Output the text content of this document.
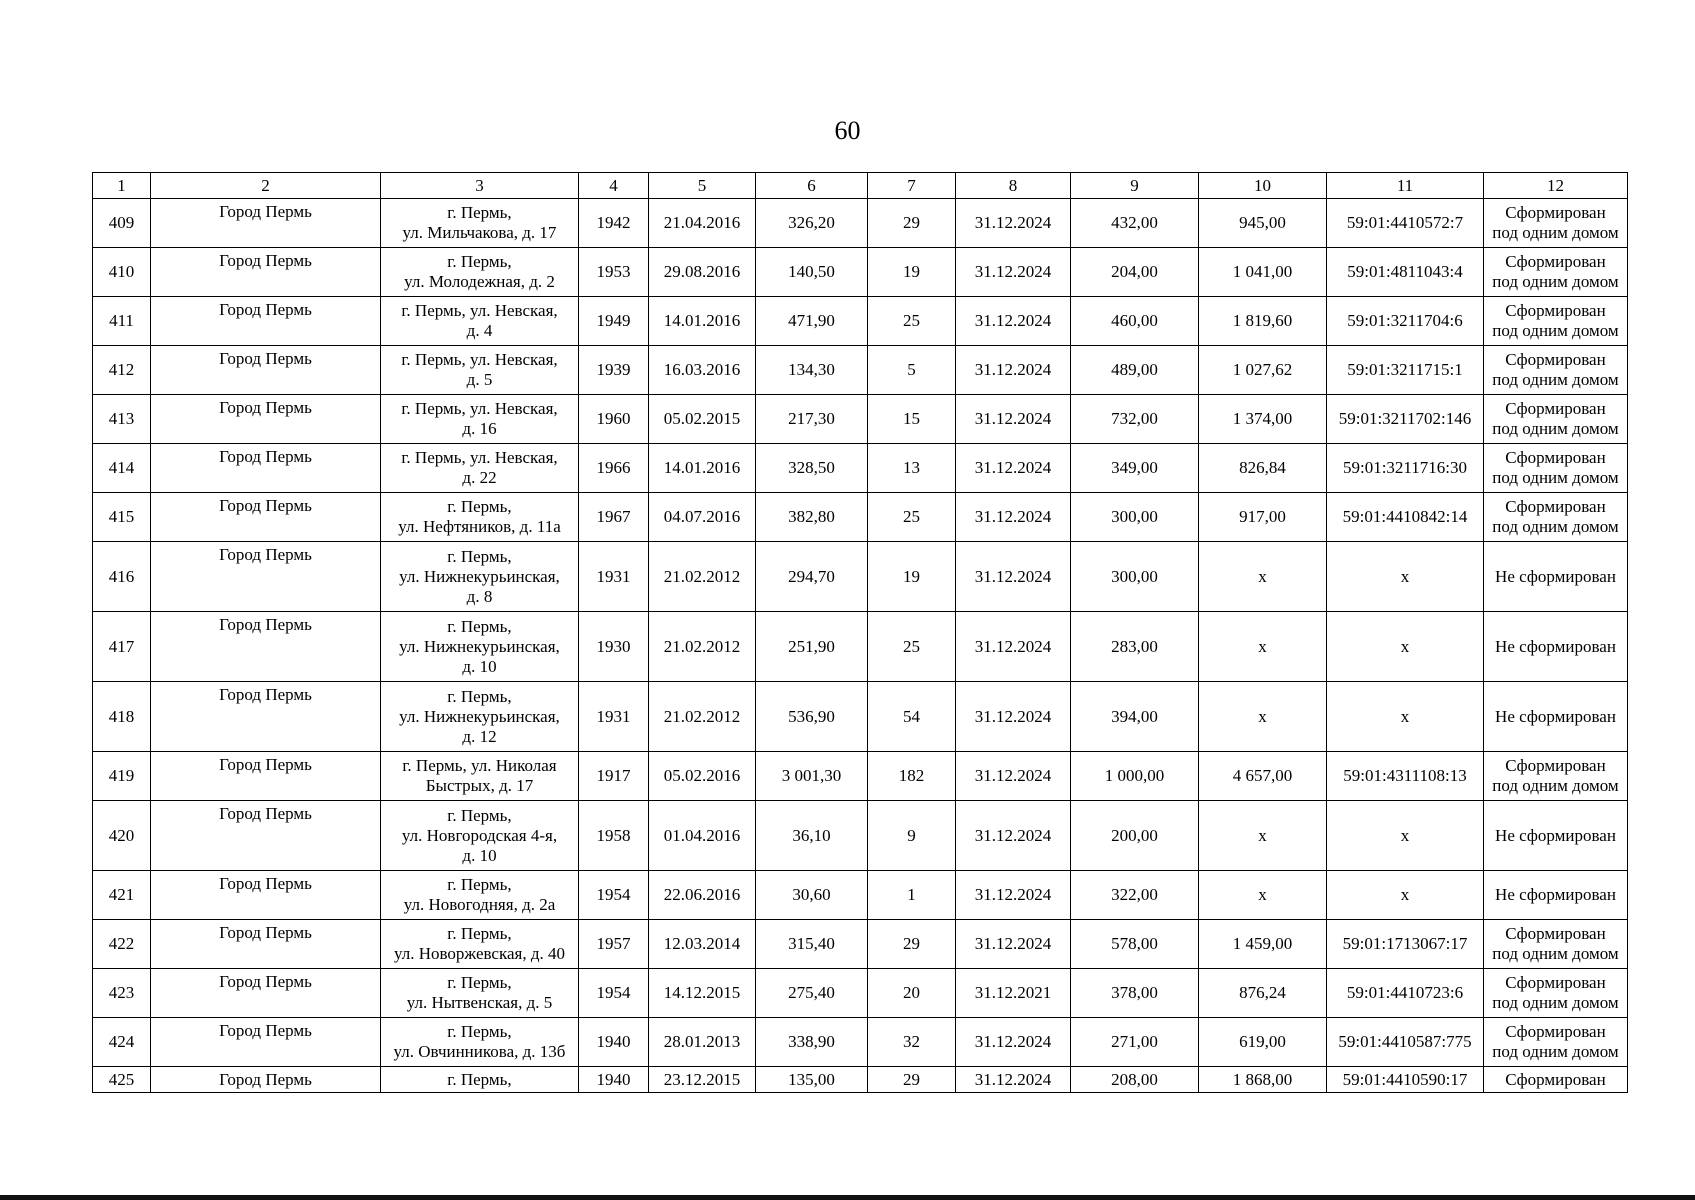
60
1	2	3	4	5	6	7	8	9	10	11	12
409	Город Пермь	г. Пермь,
ул. Мильчакова, д. 17	1942	21.04.2016	326,20	29	31.12.2024	432,00	945,00	59:01:4410572:7	Сформирован
под одним домом

410	Город Пермь	г. Пермь,
ул. Молодежная, д. 2	1953	29.08.2016	140,50	19	31.12.2024	204,00	1 041,00	59:01:4811043:4	Сформирован
под одним домом

411	Город Пермь	г. Пермь, ул. Невская,
д. 4	1949	14.01.2016	471,90	25	31.12.2024	460,00	1 819,60	59:01:3211704:6	Сформирован
под одним домом

412	Город Пермь	г. Пермь, ул. Невская,
д. 5	1939	16.03.2016	134,30	5	31.12.2024	489,00	1 027,62	59:01:3211715:1	Сформирован
под одним домом

413	Город Пермь	г. Пермь, ул. Невская,
д. 16	1960	05.02.2015	217,30	15	31.12.2024	732,00	1 374,00	59:01:3211702:146	Сформирован
под одним домом

414	Город Пермь	г. Пермь, ул. Невская,
д. 22	1966	14.01.2016	328,50	13	31.12.2024	349,00	826,84	59:01:3211716:30	Сформирован
под одним домом

415	Город Пермь	г. Пермь,
ул. Нефтяников, д. 11а	1967	04.07.2016	382,80	25	31.12.2024	300,00	917,00	59:01:4410842:14	Сформирован
под одним домом

416	Город Пермь	г. Пермь,
ул. Нижнекурьинская,
д. 8	1931	21.02.2012	294,70	19	31.12.2024	300,00	х	х	Не сформирован

417	Город Пермь	г. Пермь,
ул. Нижнекурьинская,
д. 10	1930	21.02.2012	251,90	25	31.12.2024	283,00	х	х	Не сформирован

418	Город Пермь	г. Пермь,
ул. Нижнекурьинская,
д. 12	1931	21.02.2012	536,90	54	31.12.2024	394,00	х	х	Не сформирован

419	Город Пермь	г. Пермь, ул. Николая
Быстрых, д. 17	1917	05.02.2016	3 001,30	182	31.12.2024	1 000,00	4 657,00	59:01:4311108:13	Сформирован
под одним домом

420	Город Пермь	г. Пермь,
ул. Новгородская 4-я,
д. 10	1958	01.04.2016	36,10	9	31.12.2024	200,00	х	х	Не сформирован

421	Город Пермь	г. Пермь,
ул. Новогодняя, д. 2а	1954	22.06.2016	30,60	1	31.12.2024	322,00	х	х	Не сформирован

422	Город Пермь	г. Пермь,
ул. Новоржевская, д. 40	1957	12.03.2014	315,40	29	31.12.2024	578,00	1 459,00	59:01:1713067:17	Сформирован
под одним домом

423	Город Пермь	г. Пермь,
ул. Нытвенская, д. 5	1954	14.12.2015	275,40	20	31.12.2021	378,00	876,24	59:01:4410723:6	Сформирован
под одним домом

424	Город Пермь	г. Пермь,
ул. Овчинникова, д. 13б	1940	28.01.2013	338,90	32	31.12.2024	271,00	619,00	59:01:4410587:775	Сформирован
под одним домом

425	Город Пермь	г. Пермь,	1940	23.12.2015	135,00	29	31.12.2024	208,00	1 868,00	59:01:4410590:17	Сформирован
